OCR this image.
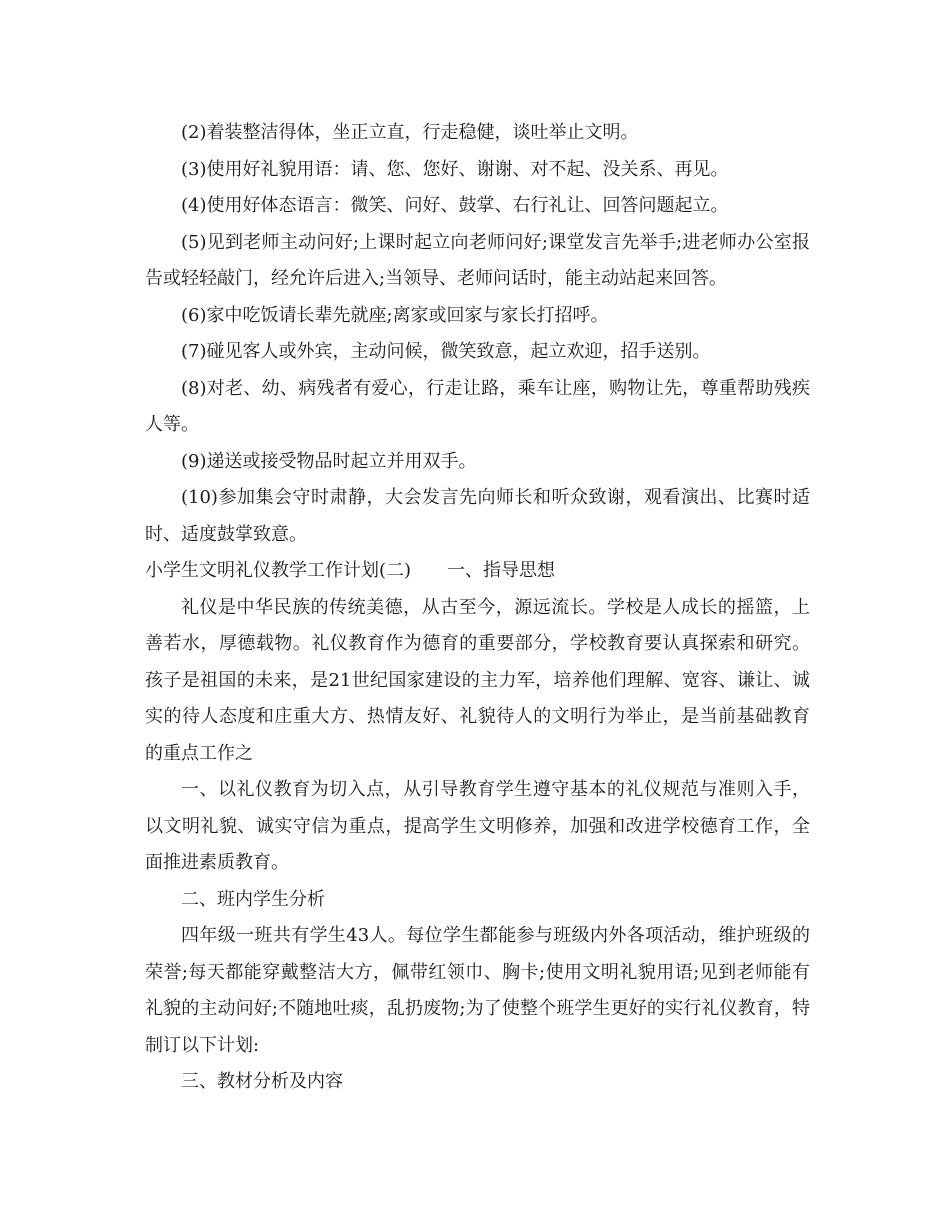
(2)着装整洁得体，坐正立直，行走稳健，谈吐举止文明。

(3)使用好礼貌用语：请、您、您好、谢谢、对不起、没关系、再见。

(4)使用好体态语言：微笑、问好、鼓掌、右行礼让、回答问题起立。

(5)见到老师主动问好;上课时起立向老师问好;课堂发言先举手;进老师办公室报告或轻轻敲门，经允许后进入;当领导、老师问话时，能主动站起来回答。

(6)家中吃饭请长辈先就座;离家或回家与家长打招呼。

(7)碰见客人或外宾，主动问候，微笑致意，起立欢迎，招手送别。

(8)对老、幼、病残者有爱心，行走让路，乘车让座，购物让先，尊重帮助残疾人等。

(9)递送或接受物品时起立并用双手。

(10)参加集会守时肃静，大会发言先向师长和听众致谢，观看演出、比赛时适时、适度鼓掌致意。

小学生文明礼仪教学工作计划(二) 一、指导思想

礼仪是中华民族的传统美德，从古至今，源远流长。学校是人成长的摇篮，上善若水，厚德载物。礼仪教育作为德育的重要部分，学校教育要认真探索和研究。孩子是祖国的未来，是21世纪国家建设的主力军，培养他们理解、宽容、谦让、诚实的待人态度和庄重大方、热情友好、礼貌待人的文明行为举止，是当前基础教育的重点工作之

一、以礼仪教育为切入点，从引导教育学生遵守基本的礼仪规范与准则入手，以文明礼貌、诚实守信为重点，提高学生文明修养，加强和改进学校德育工作，全面推进素质教育。

二、班内学生分析

四年级一班共有学生43人。每位学生都能参与班级内外各项活动，维护班级的荣誉;每天都能穿戴整洁大方，佩带红领巾、胸卡;使用文明礼貌用语;见到老师能有礼貌的主动问好;不随地吐痰，乱扔废物;为了使整个班学生更好的实行礼仪教育，特制订以下计划:

三、教材分析及内容
